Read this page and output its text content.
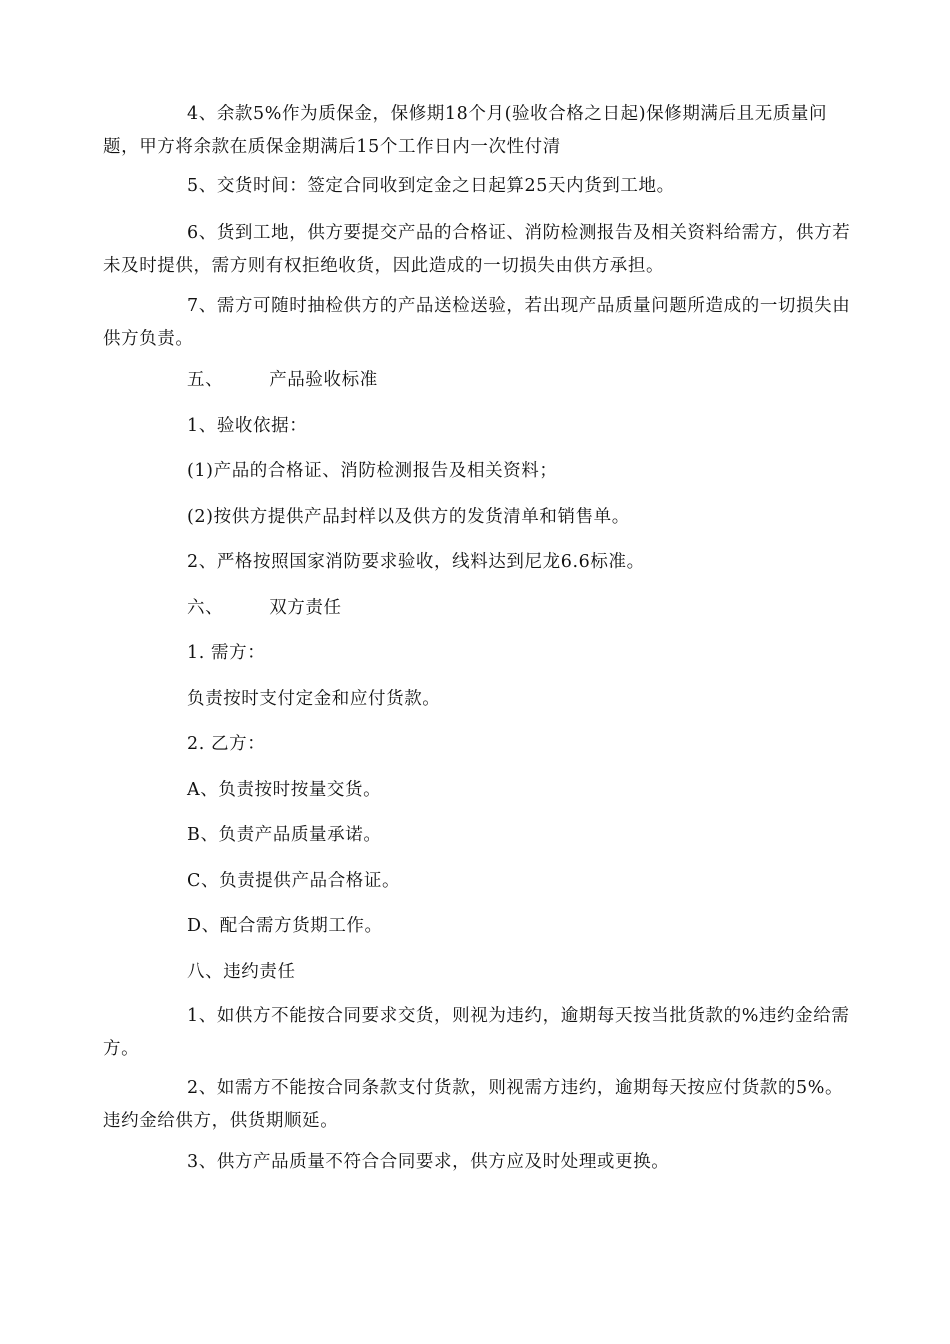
4、余款5%作为质保金，保修期18个月(验收合格之日起)保修期满后且无质量问题，甲方将余款在质保金期满后15个工作日内一次性付清
5、交货时间：签定合同收到定金之日起算25天内货到工地。
6、货到工地，供方要提交产品的合格证、消防检测报告及相关资料给需方，供方若未及时提供，需方则有权拒绝收货，因此造成的一切损失由供方承担。
7、需方可随时抽检供方的产品送检送验，若出现产品质量问题所造成的一切损失由供方负责。
五、	产品验收标准
1、验收依据：
(1)产品的合格证、消防检测报告及相关资料；
(2)按供方提供产品封样以及供方的发货清单和销售单。
2、严格按照国家消防要求验收，线料达到尼龙6.6标准。
六、	双方责任
1. 需方：
负责按时支付定金和应付货款。
2. 乙方：
A、负责按时按量交货。
B、负责产品质量承诺。
C、负责提供产品合格证。
D、配合需方货期工作。
八、违约责任
1、如供方不能按合同要求交货，则视为违约，逾期每天按当批货款的%违约金给需方。
2、如需方不能按合同条款支付货款，则视需方违约，逾期每天按应付货款的5%。违约金给供方，供货期顺延。
3、供方产品质量不符合合同要求，供方应及时处理或更换。
